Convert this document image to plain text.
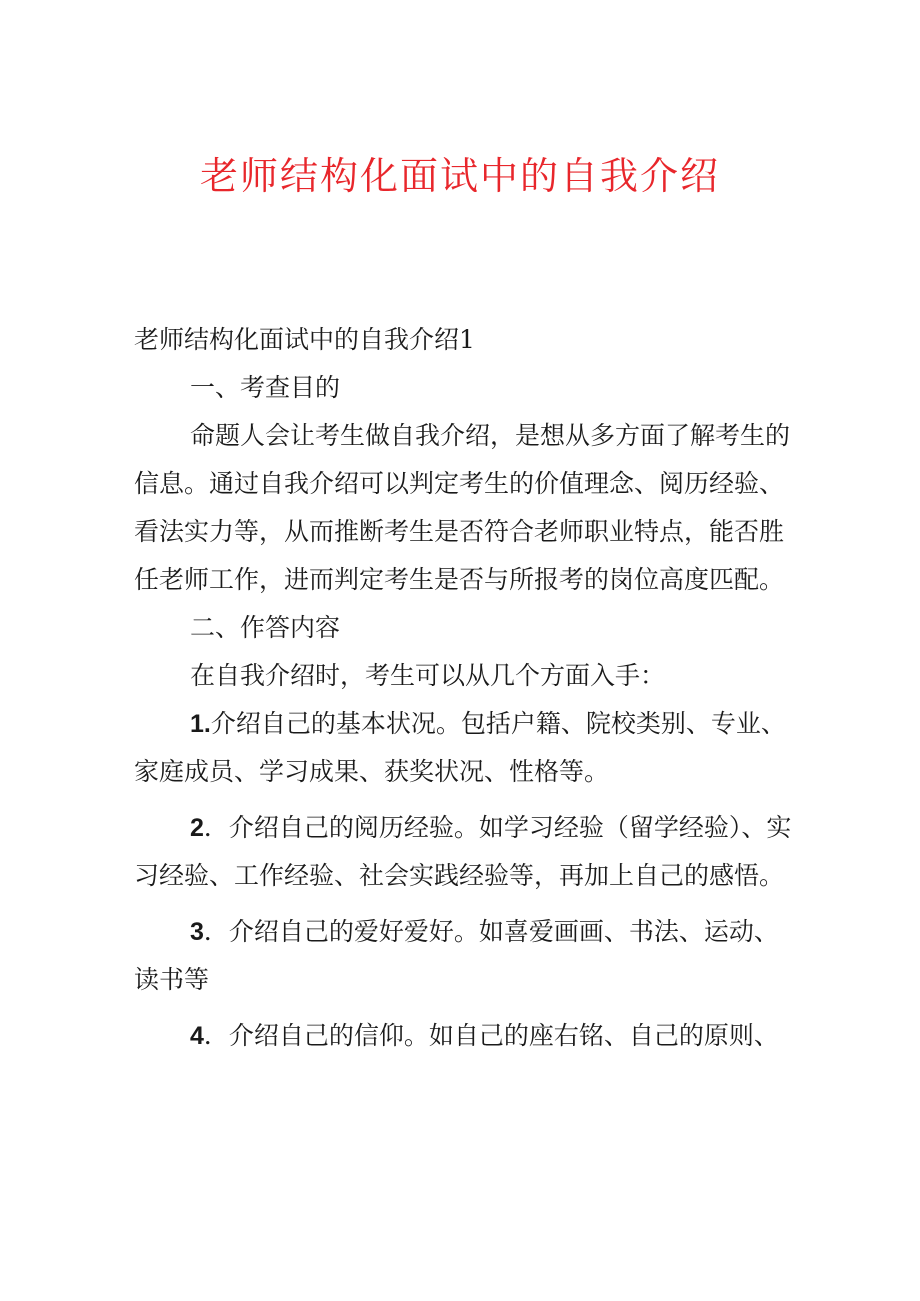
老师结构化面试中的自我介绍

老师结构化面试中的自我介绍1

一、考查目的

命题人会让考生做自我介绍，是想从多方面了解考生的信息。通过自我介绍可以判定考生的价值理念、阅历经验、看法实力等，从而推断考生是否符合老师职业特点，能否胜任老师工作，进而判定考生是否与所报考的岗位高度匹配。

二、作答内容

在自我介绍时，考生可以从几个方面入手：

1.介绍自己的基本状况。包括户籍、院校类别、专业、家庭成员、学习成果、获奖状况、性格等。

2．介绍自己的阅历经验。如学习经验（留学经验）、实习经验、工作经验、社会实践经验等，再加上自己的感悟。

3．介绍自己的爱好爱好。如喜爱画画、书法、运动、读书等

4．介绍自己的信仰。如自己的座右铭、自己的原则、
